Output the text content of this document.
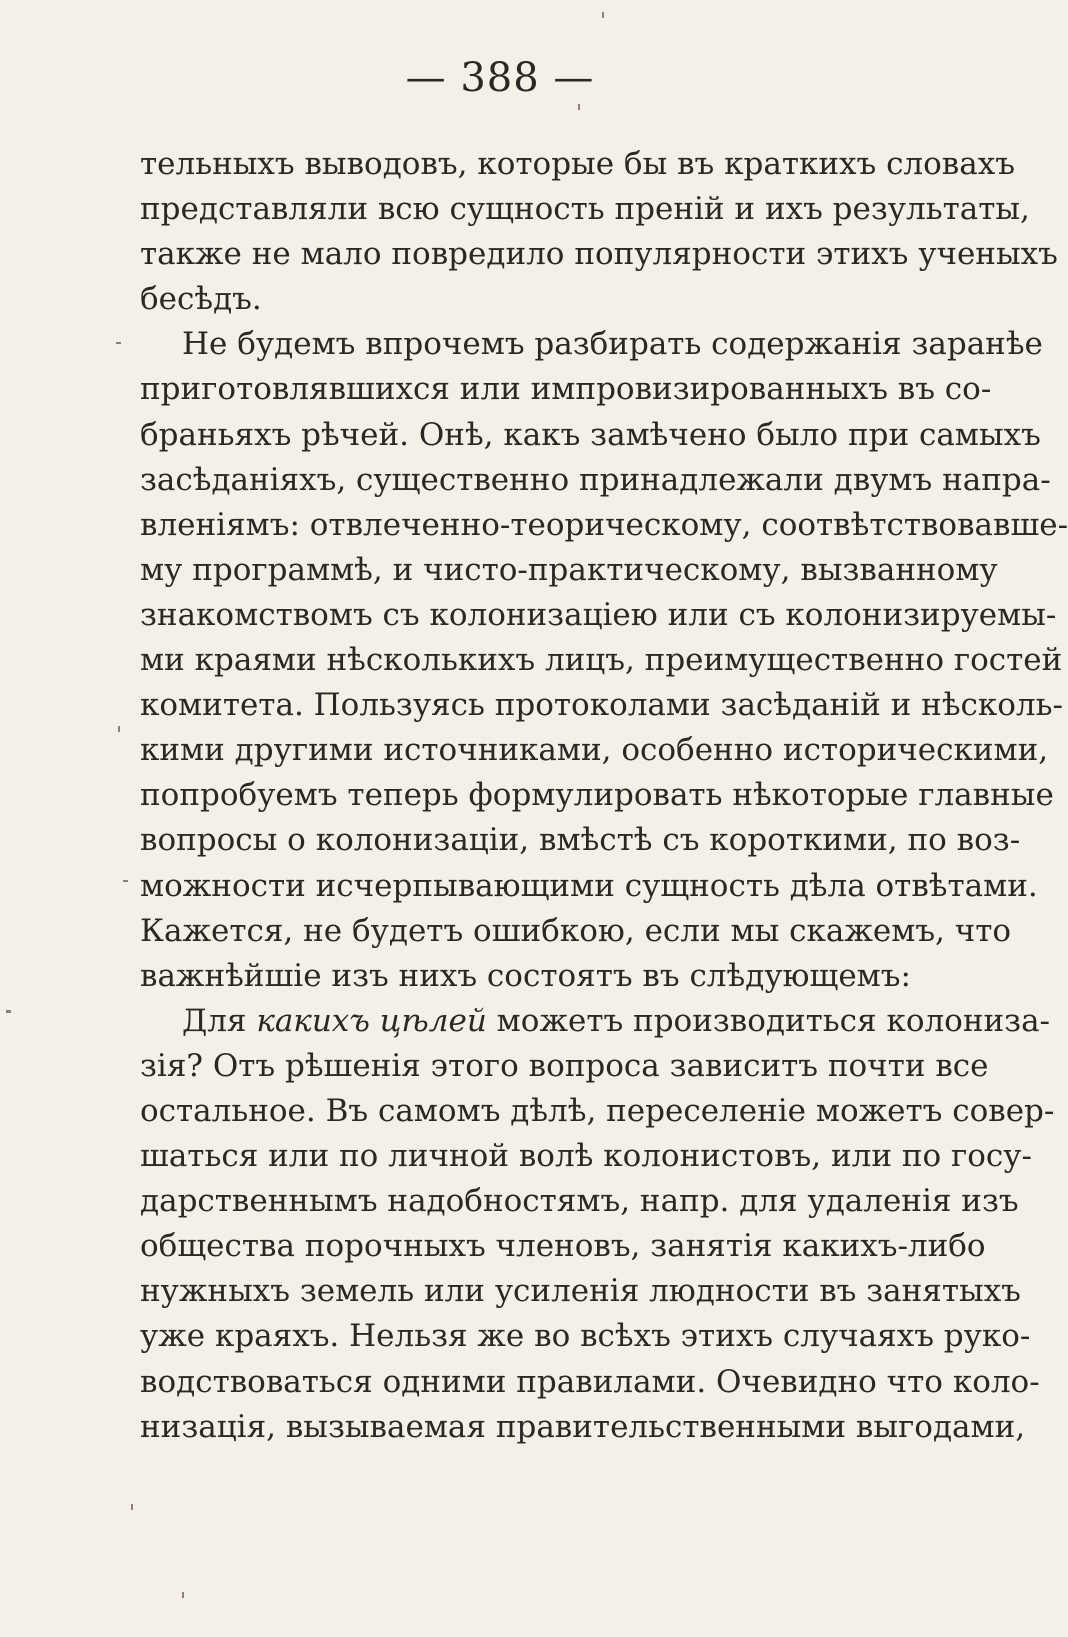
— 388 —
тельныхъ выводовъ, которые бы въ краткихъ словахъ
представляли всю сущность преній и ихъ результаты,
также не мало повредило популярности этихъ ученыхъ
бесѣдъ.
Не будемъ впрочемъ разбирать содержанія заранѣе
приготовлявшихся или импровизированныхъ въ со-
браньяхъ рѣчей. Онѣ, какъ замѣчено было при самыхъ
засѣданіяхъ, существенно принадлежали двумъ напра-
вленіямъ: отвлеченно-теорическому, соотвѣтствовавше-
му программѣ, и чисто-практическому, вызванному
знакомствомъ съ колонизаціею или съ колонизируемы-
ми краями нѣсколькихъ лицъ, преимущественно гостей
комитета. Пользуясь протоколами засѣданій и нѣсколь-
кими другими источниками, особенно историческими,
попробуемъ теперь формулировать нѣкоторые главные
вопросы о колонизаціи, вмѣстѣ съ короткими, по воз-
можности исчерпывающими сущность дѣла отвѣтами.
Кажется, не будетъ ошибкою, если мы скажемъ, что
важнѣйшіе изъ нихъ состоятъ въ слѣдующемъ:
Для какихъ цѣлей можетъ производиться колониза-
зія? Отъ рѣшенія этого вопроса зависитъ почти все
остальное. Въ самомъ дѣлѣ, переселеніе можетъ совер-
шаться или по личной волѣ колонистовъ, или по госу-
дарственнымъ надобностямъ, напр. для удаленія изъ
общества порочныхъ членовъ, занятія какихъ-либо
нужныхъ земель или усиленія людности въ занятыхъ
уже краяхъ. Нельзя же во всѣхъ этихъ случаяхъ руко-
водствоваться одними правилами. Очевидно что коло-
низація, вызываемая правительственными выгодами,
